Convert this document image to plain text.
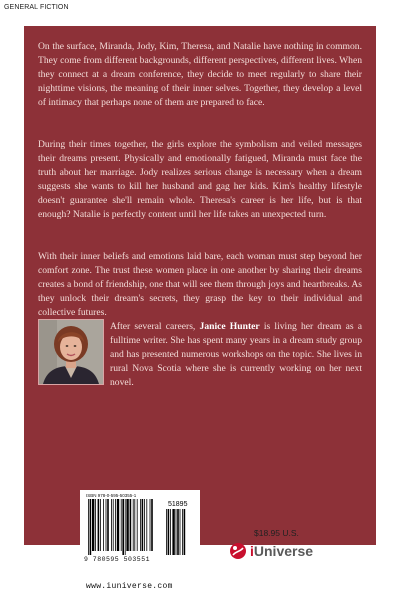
GENERAL FICTION

On the surface, Miranda, Jody, Kim, Theresa, and Natalie have nothing in common. They come from different backgrounds, different perspectives, different lives. When they connect at a dream conference, they decide to meet regularly to share their nighttime visions, the meaning of their inner selves. Together, they develop a level of intimacy that perhaps none of them are prepared to face.

During their times together, the girls explore the symbolism and veiled messages their dreams present. Physically and emotionally fatigued, Miranda must face the truth about her marriage. Jody realizes serious change is necessary when a dream suggests she wants to kill her husband and gag her kids. Kim's healthy lifestyle doesn't guarantee she'll remain whole. Theresa's career is her life, but is that enough? Natalie is perfectly content until her life takes an unexpected turn.

With their inner beliefs and emotions laid bare, each woman must step beyond her comfort zone. The trust these women place in one another by sharing their dreams creates a bond of friendship, one that will see them through joys and heartbreaks. As they unlock their dream's secrets, they grasp the key to their individual and collective futures.

After several careers, Janice Hunter is living her dream as a fulltime writer. She has spent many years in a dream study group and has presented numerous workshops on the topic. She lives in rural Nova Scotia where she is currently working on her next novel.

ISBN 978-0-595-50355-1
51895
9 780595 503551
www.iuniverse.com
$18.95 U.S.
iUniverse
